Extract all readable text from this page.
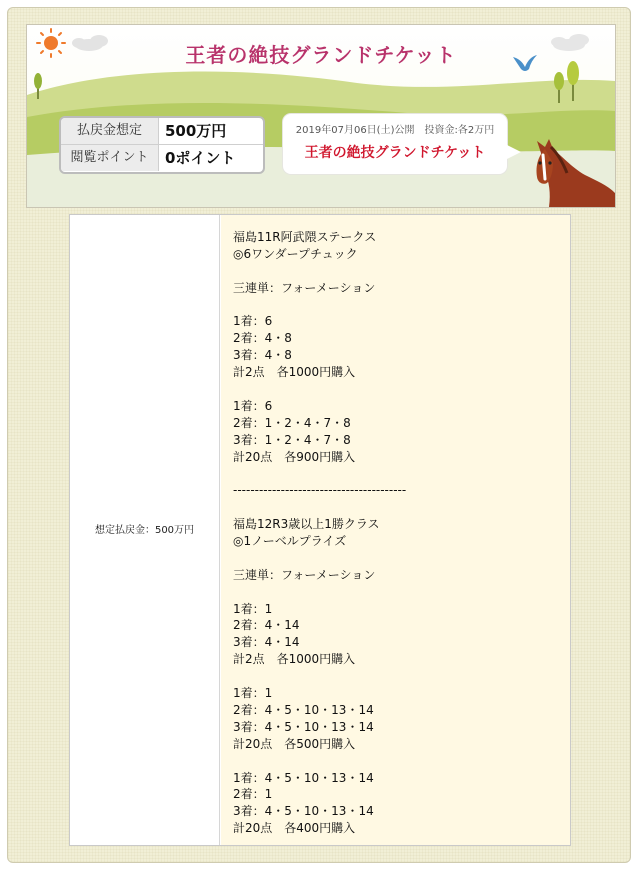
王者の絶技グランドチケット
払戻金想定	500万円
閲覧ポイント	0ポイント
2019年07月06日(土)公開　投資金:各2万円
王者の絶技グランドチケット
想定払戻金：500万円
福島11R阿武隈ステークス
◎6ワンダープチュック
三連単：フォーメーション
1着：6
2着：4・8
3着：4・8
計2点　各1000円購入
1着：6
2着：1・2・4・7・8
3着：1・2・4・7・8
計20点　各900円購入
----------------------------------------
福島12R3歳以上1勝クラス
◎1ノーベルプライズ
三連単：フォーメーション
1着：1
2着：4・14
3着：4・14
計2点　各1000円購入
1着：1
2着：4・5・10・13・14
3着：4・5・10・13・14
計20点　各500円購入
1着：4・5・10・13・14
2着：1
3着：4・5・10・13・14
計20点　各400円購入
